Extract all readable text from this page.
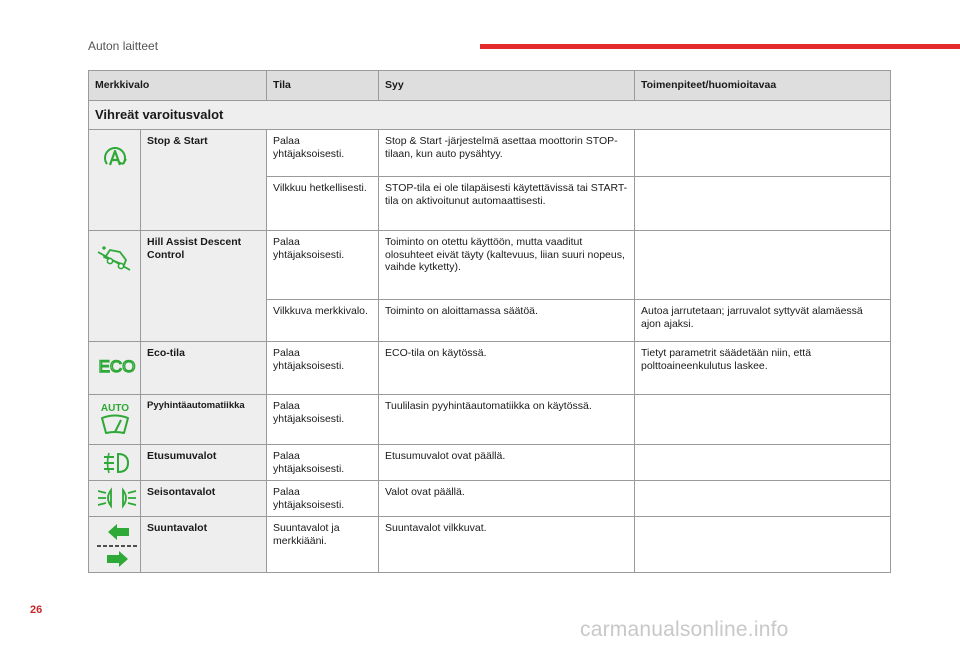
Auton laitteet
Merkkivalo		Tila	Syy	Toimenpiteet/huomioitavaa
Vihreät varoitusvalot				

	Stop & Start	Palaa yhtäjaksoisesti.	Stop & Start -järjestelmä asettaa moottorin STOP-tilaan, kun auto pysähtyy.	
		Vilkkuu hetkellisesti.	STOP-tila ei ole tilapäisesti käytettävissä tai START-tila on aktivoitunut automaattisesti.	

	Hill Assist Descent Control	Palaa yhtäjaksoisesti.	Toiminto on otettu käyttöön, mutta vaaditut olosuhteet eivät täyty (kaltevuus, liian suuri nopeus, vaihde kytketty).	
		Vilkkuva merkkivalo.	Toiminto on aloittamassa säätöä.	Autoa jarrutetaan; jarruvalot syttyvät alamäessä ajon ajaksi.

ECO	Eco-tila	Palaa yhtäjaksoisesti.	ECO-tila on käytössä.	Tietyt parametrit säädetään niin, että polttoaineenkulutus laskee.

AUTO	Pyyhintäautomatiikka	Palaa yhtäjaksoisesti.	Tuulilasin pyyhintäautomatiikka on käytössä.	

	Etusumuvalot	Palaa yhtäjaksoisesti.	Etusumuvalot ovat päällä.	

	Seisontavalot	Palaa yhtäjaksoisesti.	Valot ovat päällä.	

	Suuntavalot	Suuntavalot ja merkkiääni.	Suuntavalot vilkkuvat.	
26
carmanualsonline.info
